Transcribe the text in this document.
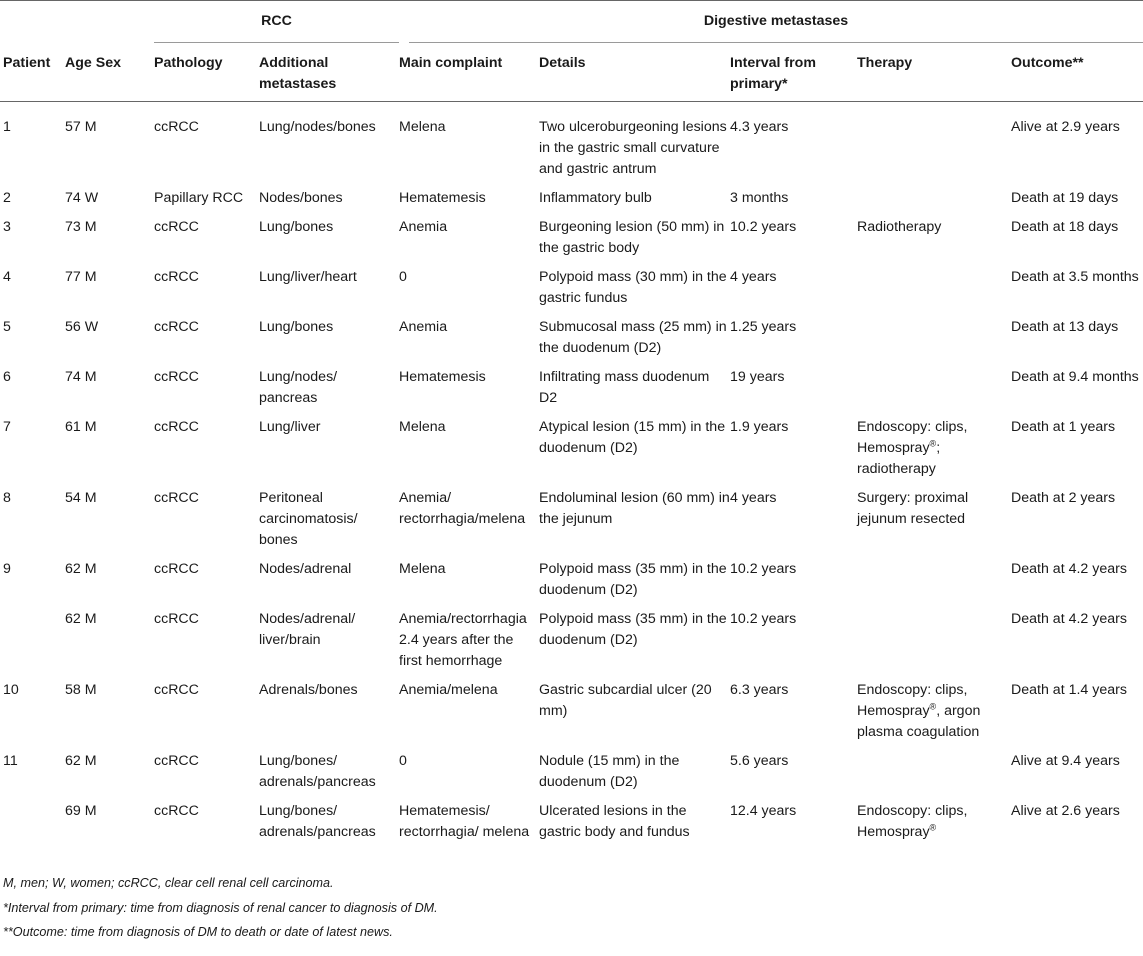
		RCC		Digestive metastases				

Patient	Age Sex	Pathology	Additional metastases	Main complaint	Details	Interval from primary*	Therapy	Outcome**

1	57 M	ccRCC	Lung/nodes/bones	Melena	Two ulceroburgeoning lesions in the gastric small curvature and gastric antrum	4.3 years		Alive at 2.9 years
2	74 W	Papillary RCC	Nodes/bones	Hematemesis	Inflammatory bulb	3 months		Death at 19 days
3	73 M	ccRCC	Lung/bones	Anemia	Burgeoning lesion (50 mm) in the gastric body	10.2 years	Radiotherapy	Death at 18 days
4	77 M	ccRCC	Lung/liver/heart	0	Polypoid mass (30 mm) in the gastric fundus	4 years		Death at 3.5 months
5	56 W	ccRCC	Lung/bones	Anemia	Submucosal mass (25 mm) in the duodenum (D2)	1.25 years		Death at 13 days
6	74 M	ccRCC	Lung/nodes/ pancreas	Hematemesis	Infiltrating mass duodenum D2	19 years		Death at 9.4 months
7	61 M	ccRCC	Lung/liver	Melena	Atypical lesion (15 mm) in the duodenum (D2)	1.9 years	Endoscopy: clips, Hemospray®; radiotherapy	Death at 1 years
8	54 M	ccRCC	Peritoneal carcinomatosis/ bones	Anemia/ rectorrhagia/melena	Endoluminal lesion (60 mm) in the jejunum	4 years	Surgery: proximal jejunum resected	Death at 2 years
9	62 M	ccRCC	Nodes/adrenal	Melena	Polypoid mass (35 mm) in the duodenum (D2)	10.2 years		Death at 4.2 years
	62 M	ccRCC	Nodes/adrenal/ liver/brain	Anemia/rectorrhagia 2.4 years after the first hemorrhage	Polypoid mass (35 mm) in the duodenum (D2)	10.2 years		Death at 4.2 years
10	58 M	ccRCC	Adrenals/bones	Anemia/melena	Gastric subcardial ulcer (20 mm)	6.3 years	Endoscopy: clips, Hemospray®, argon plasma coagulation	Death at 1.4 years
11	62 M	ccRCC	Lung/bones/ adrenals/pancreas	0	Nodule (15 mm) in the duodenum (D2)	5.6 years		Alive at 9.4 years
	69 M	ccRCC	Lung/bones/ adrenals/pancreas	Hematemesis/ rectorrhagia/ melena	Ulcerated lesions in the gastric body and fundus	12.4 years	Endoscopy: clips, Hemospray®	Alive at 2.6 years

M, men; W, women; ccRCC, clear cell renal cell carcinoma.
*Interval from primary: time from diagnosis of renal cancer to diagnosis of DM.
**Outcome: time from diagnosis of DM to death or date of latest news.
